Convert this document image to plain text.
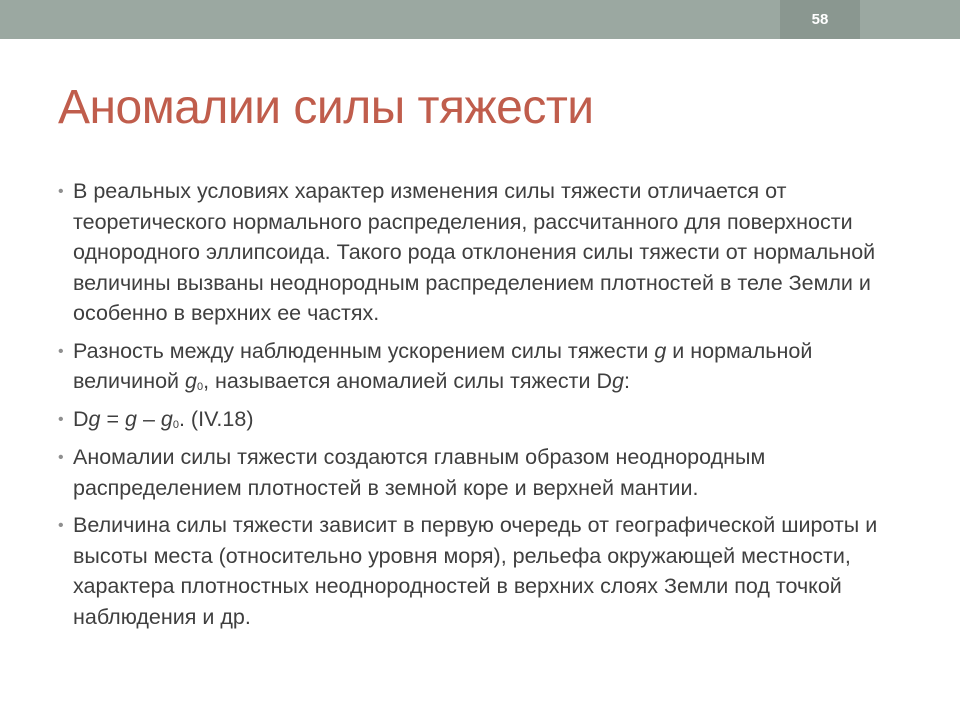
58
Аномалии силы тяжести
• В реальных условиях характер изменения силы тяжести отличается от теоретического нормального распределения, рассчитанного для поверхности однородного эллипсоида. Такого рода отклонения силы тяжести от нормальной величины вызваны неоднородным распределением плотностей в теле Земли и особенно в верхних ее частях.
• Разность между наблюденным ускорением силы тяжести g и нормальной величиной $g_0$, называется аномалией силы тяжести Dg:
• $Dg = g - g_0$. (IV.18)
• Аномалии силы тяжести создаются главным образом неоднородным распределением плотностей в земной коре и верхней мантии.
• Величина силы тяжести зависит в первую очередь от географической широты и высоты места (относительно уровня моря), рельефа окружающей местности, характера плотностных неоднородностей в верхних слоях Земли под точкой наблюдения и др.
